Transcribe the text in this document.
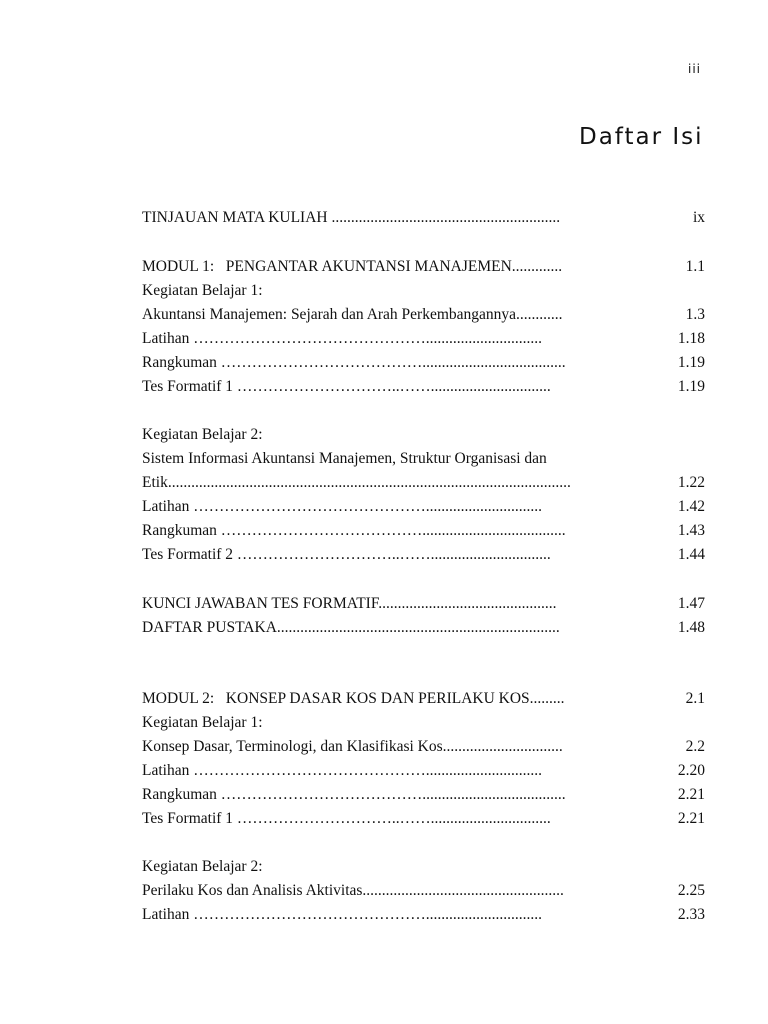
iii
Daftar Isi
TINJAUAN MATA KULIAH ...........................................................	ix
MODUL 1:   PENGANTAR AKUNTANSI MANAJEMEN.............	1.1
Kegiatan Belajar 1:
Akuntansi Manajemen: Sejarah dan Arah Perkembangannya............	1.3
Latihan ………………………………………..............................	1.18
Rangkuman ………………………………….....................................	1.19
Tes Formatif 1 …………………………..……...............................	1.19
Kegiatan Belajar 2:
Sistem Informasi Akuntansi Manajemen, Struktur Organisasi dan
Etik........................................................................................................	1.22
Latihan ………………………………………..............................	1.42
Rangkuman ………………………………….....................................	1.43
Tes Formatif 2 …………………………..……...............................	1.44
KUNCI JAWABAN TES FORMATIF..............................................	1.47
DAFTAR PUSTAKA.........................................................................	1.48
MODUL 2:   KONSEP DASAR KOS DAN PERILAKU KOS.........	2.1
Kegiatan Belajar 1:
Konsep Dasar, Terminologi, dan Klasifikasi Kos...............................	2.2
Latihan ………………………………………..............................	2.20
Rangkuman ………………………………….....................................	2.21
Tes Formatif 1 …………………………..……...............................	2.21
Kegiatan Belajar 2:
Perilaku Kos dan Analisis Aktivitas....................................................	2.25
Latihan ………………………………………..............................	2.33
